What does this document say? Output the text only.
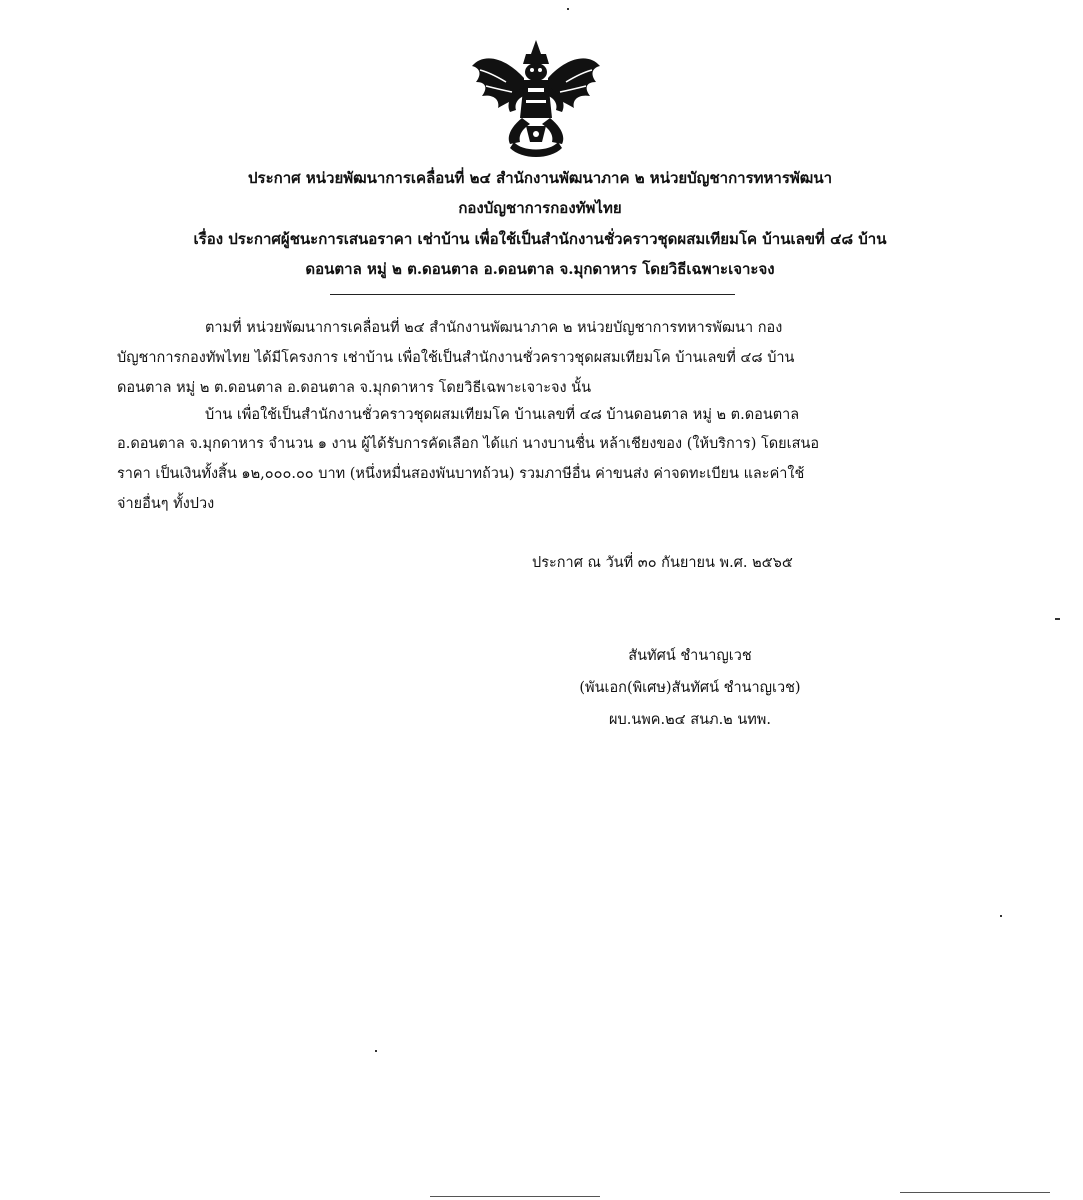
ประกาศ หน่วยพัฒนาการเคลื่อนที่ ๒๔ สำนักงานพัฒนาภาค ๒ หน่วยบัญชาการทหารพัฒนา
กองบัญชาการกองทัพไทย
เรื่อง ประกาศผู้ชนะการเสนอราคา เช่าบ้าน เพื่อใช้เป็นสำนักงานชั่วคราวชุดผสมเทียมโค บ้านเลขที่ ๔๘ บ้าน
ดอนตาล หมู่ ๒ ต.ดอนตาล อ.ดอนตาล จ.มุกดาหาร โดยวิธีเฉพาะเจาะจง
ตามที่ หน่วยพัฒนาการเคลื่อนที่ ๒๔ สำนักงานพัฒนาภาค ๒ หน่วยบัญชาการทหารพัฒนา กอง
บัญชาการกองทัพไทย ได้มีโครงการ เช่าบ้าน เพื่อใช้เป็นสำนักงานชั่วคราวชุดผสมเทียมโค บ้านเลขที่ ๔๘ บ้าน
ดอนตาล หมู่ ๒ ต.ดอนตาล อ.ดอนตาล จ.มุกดาหาร โดยวิธีเฉพาะเจาะจง นั้น
บ้าน เพื่อใช้เป็นสำนักงานชั่วคราวชุดผสมเทียมโค บ้านเลขที่ ๔๘ บ้านดอนตาล หมู่ ๒ ต.ดอนตาล
อ.ดอนตาล จ.มุกดาหาร จำนวน ๑ งาน ผู้ได้รับการคัดเลือก ได้แก่ นางบานชื่น หล้าเชียงของ (ให้บริการ) โดยเสนอ
ราคา เป็นเงินทั้งสิ้น ๑๒,๐๐๐.๐๐ บาท (หนึ่งหมื่นสองพันบาทถ้วน) รวมภาษีอื่น ค่าขนส่ง ค่าจดทะเบียน และค่าใช้
จ่ายอื่นๆ ทั้งปวง
ประกาศ ณ วันที่ ๓๐ กันยายน พ.ศ. ๒๕๖๕
สันทัศน์ ชำนาญเวช
(พันเอก(พิเศษ)สันทัศน์ ชำนาญเวช)
ผบ.นพค.๒๔ สนภ.๒ นทพ.
